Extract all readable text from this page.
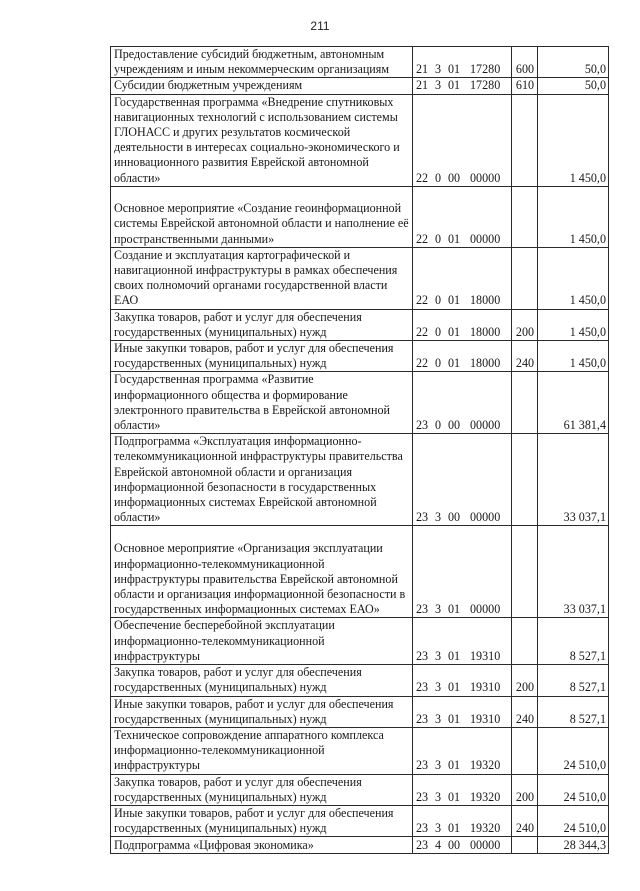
211
Предоставление субсидий бюджетным, автономным учреждениям и иным некоммерческим организациям	21 3 01 17280	600	50,0
Субсидии бюджетным учреждениям	21 3 01 17280	610	50,0
Государственная программа «Внедрение спутниковых навигационных технологий с использованием системы ГЛОНАСС и других результатов космической деятельности в интересах социально-экономического и инновационного развития Еврейской автономной области»	22 0 00 00000		1 450,0
Основное мероприятие «Создание геоинформационной системы Еврейской автономной области и наполнение её пространственными данными»	22 0 01 00000		1 450,0
Создание и эксплуатация картографической и навигационной инфраструктуры в рамках обеспечения своих полномочий органами государственной власти ЕАО	22 0 01 18000		1 450,0
Закупка товаров, работ и услуг для обеспечения государственных (муниципальных) нужд	22 0 01 18000	200	1 450,0
Иные закупки товаров, работ и услуг для обеспечения государственных (муниципальных) нужд	22 0 01 18000	240	1 450,0
Государственная программа «Развитие информационного общества и формирование электронного правительства в Еврейской автономной области»	23 0 00 00000		61 381,4
Подпрограмма «Эксплуатация информационно-телекоммуникационной инфраструктуры правительства Еврейской автономной области и организация информационной безопасности в государственных информационных системах Еврейской автономной области»	23 3 00 00000		33 037,1
Основное мероприятие «Организация эксплуатации информационно-телекоммуникационной инфраструктуры правительства Еврейской автономной области и организация информационной безопасности в государственных информационных системах ЕАО»	23 3 01 00000		33 037,1
Обеспечение бесперебойной эксплуатации информационно-телекоммуникационной инфраструктуры	23 3 01 19310		8 527,1
Закупка товаров, работ и услуг для обеспечения государственных (муниципальных) нужд	23 3 01 19310	200	8 527,1
Иные закупки товаров, работ и услуг для обеспечения государственных (муниципальных) нужд	23 3 01 19310	240	8 527,1
Техническое сопровождение аппаратного комплекса информационно-телекоммуникационной инфраструктуры	23 3 01 19320		24 510,0
Закупка товаров, работ и услуг для обеспечения государственных (муниципальных) нужд	23 3 01 19320	200	24 510,0
Иные закупки товаров, работ и услуг для обеспечения государственных (муниципальных) нужд	23 3 01 19320	240	24 510,0
Подпрограмма «Цифровая экономика»	23 4 00 00000		28 344,3
